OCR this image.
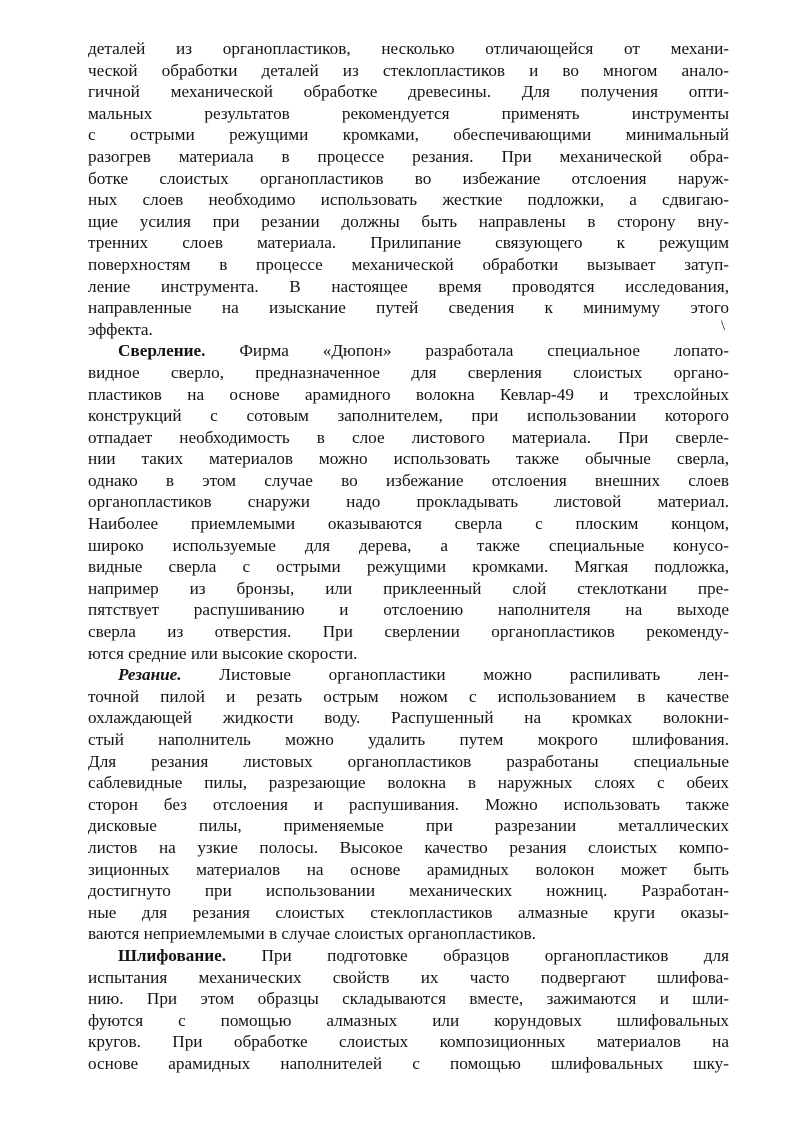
деталей из органопластиков, несколько отличающейся от механи-
ческой обработки деталей из стеклопластиков и во многом анало-
гичной механической обработке древесины. Для получения опти-
мальных результатов рекомендуется применять инструменты
с острыми режущими кромками, обеспечивающими минимальный
разогрев материала в процессе резания. При механической обра-
ботке слоистых органопластиков во избежание отслоения наруж-
ных слоев необходимо использовать жесткие подложки, а сдвигаю-
щие усилия при резании должны быть направлены в сторону вну-
тренних слоев материала. Прилипание связующего к режущим
поверхностям в процессе механической обработки вызывает затуп-
ление инструмента. В настоящее время проводятся исследования,
направленные на изыскание путей сведения к минимуму этого
эффекта.	\

Сверление. Фирма «Дюпон» разработала специальное лопато-
видное сверло, предназначенное для сверления слоистых органо-
пластиков на основе арамидного волокна Кевлар-49 и трехслойных
конструкций с сотовым заполнителем, при использовании которого
отпадает необходимость в слое листового материала. При сверле-
нии таких материалов можно использовать также обычные сверла,
однако в этом случае во избежание отслоения внешних слоев
органопластиков снаружи надо прокладывать листовой материал.
Наиболее приемлемыми оказываются сверла с плоским концом,
широко используемые для дерева, а также специальные конусо-
видные сверла с острыми режущими кромками. Мягкая подложка,
например из бронзы, или приклеенный слой стеклоткани пре-
пятствует распушиванию и отслоению наполнителя на выходе
сверла из отверстия. При сверлении органопластиков рекоменду-
ются средние или высокие скорости.

Резание. Листовые органопластики можно распиливать лен-
точной пилой и резать острым ножом с использованием в качестве
охлаждающей жидкости воду. Распушенный на кромках волокни-
стый наполнитель можно удалить путем мокрого шлифования.
Для резания листовых органопластиков разработаны специальные
саблевидные пилы, разрезающие волокна в наружных слоях с обеих
сторон без отслоения и распушивания. Можно использовать также
дисковые пилы, применяемые при разрезании металлических
листов на узкие полосы. Высокое качество резания слоистых компо-
зиционных материалов на основе арамидных волокон может быть
достигнуто при использовании механических ножниц. Разработан-
ные для резания слоистых стеклопластиков алмазные круги оказы-
ваются неприемлемыми в случае слоистых органопластиков.

Шлифование. При подготовке образцов органопластиков для
испытания механических свойств их часто подвергают шлифова-
нию. При этом образцы складываются вместе, зажимаются и шли-
фуются с помощью алмазных или корундовых шлифовальных
кругов. При обработке слоистых композиционных материалов на
основе арамидных наполнителей с помощью шлифовальных шку-
